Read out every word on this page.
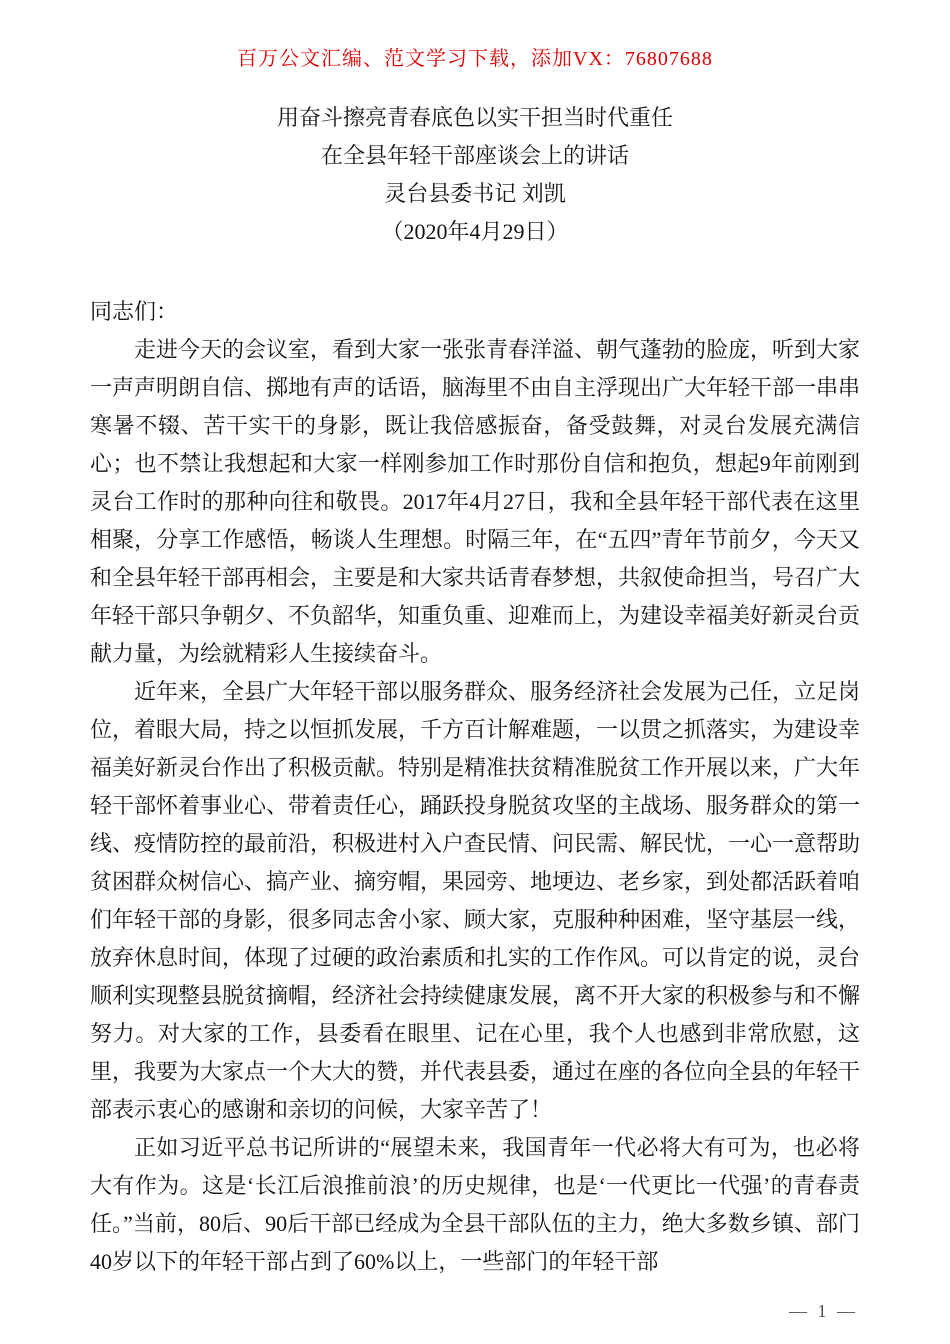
百万公文汇编、范文学习下载，添加VX：76807688
用奋斗擦亮青春底色以实干担当时代重任
在全县年轻干部座谈会上的讲话
灵台县委书记 刘凯
（2020年4月29日）

同志们：

走进今天的会议室，看到大家一张张青春洋溢、朝气蓬勃的脸庞，听到大家一声声明朗自信、掷地有声的话语，脑海里不由自主浮现出广大年轻干部一串串寒暑不辍、苦干实干的身影，既让我倍感振奋，备受鼓舞，对灵台发展充满信心；也不禁让我想起和大家一样刚参加工作时那份自信和抱负，想起9年前刚到灵台工作时的那种向往和敬畏。2017年4月27日，我和全县年轻干部代表在这里相聚，分享工作感悟，畅谈人生理想。时隔三年，在“五四”青年节前夕，今天又和全县年轻干部再相会，主要是和大家共话青春梦想，共叙使命担当，号召广大年轻干部只争朝夕、不负韶华，知重负重、迎难而上，为建设幸福美好新灵台贡献力量，为绘就精彩人生接续奋斗。

近年来，全县广大年轻干部以服务群众、服务经济社会发展为己任，立足岗位，着眼大局，持之以恒抓发展，千方百计解难题，一以贯之抓落实，为建设幸福美好新灵台作出了积极贡献。特别是精准扶贫精准脱贫工作开展以来，广大年轻干部怀着事业心、带着责任心，踊跃投身脱贫攻坚的主战场、服务群众的第一线、疫情防控的最前沿，积极进村入户查民情、问民需、解民忧，一心一意帮助贫困群众树信心、搞产业、摘穷帽，果园旁、地埂边、老乡家，到处都活跃着咱们年轻干部的身影，很多同志舍小家、顾大家，克服种种困难，坚守基层一线，放弃休息时间，体现了过硬的政治素质和扎实的工作作风。可以肯定的说，灵台顺利实现整县脱贫摘帽，经济社会持续健康发展，离不开大家的积极参与和不懈努力。对大家的工作，县委看在眼里、记在心里，我个人也感到非常欣慰，这里，我要为大家点一个大大的赞，并代表县委，通过在座的各位向全县的年轻干部表示衷心的感谢和亲切的问候，大家辛苦了！

正如习近平总书记所讲的“展望未来，我国青年一代必将大有可为，也必将大有作为。这是‘长江后浪推前浪’的历史规律，也是‘一代更比一代强’的青春责任。”当前，80后、90后干部已经成为全县干部队伍的主力，绝大多数乡镇、部门40岁以下的年轻干部占到了60%以上，一些部门的年轻干部

— 1 —
